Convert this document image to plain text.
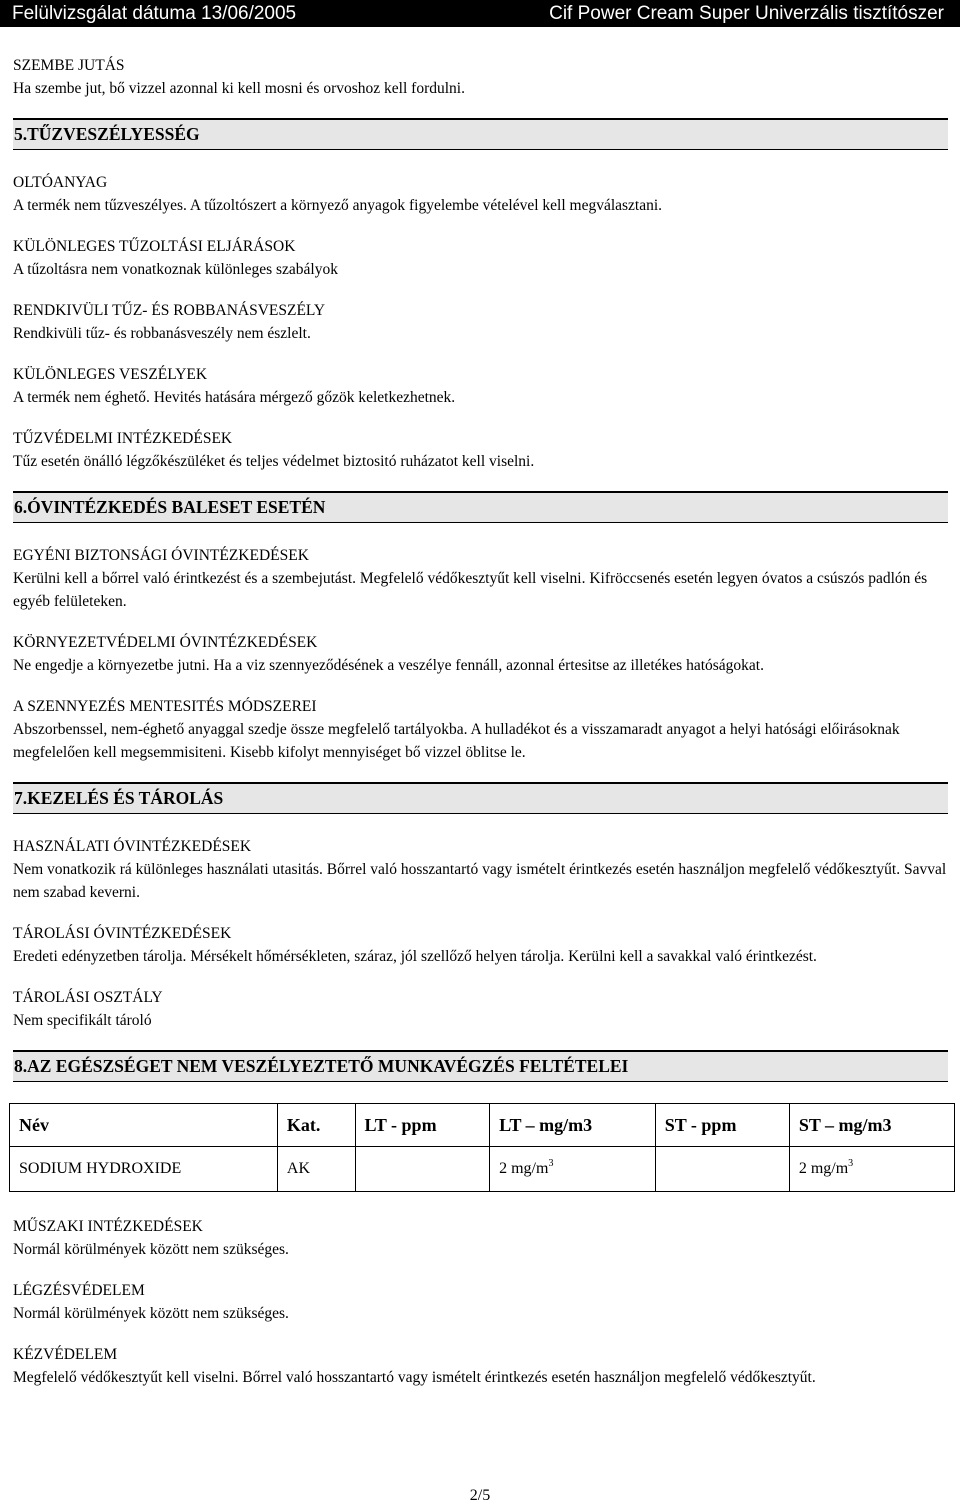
Felülvizsgálat dátuma 13/06/2005	Cif Power Cream Super Univerzális tisztítószer
SZEMBE JUTÁS
Ha szembe jut, bő vizzel azonnal ki kell mosni és orvoshoz kell fordulni.
5.TŰZVESZÉLYESSÉG
OLTÓANYAG
A termék nem tűzveszélyes. A tűzoltószert a környező anyagok figyelembe vételével kell megválasztani.
KÜLÖNLEGES TŰZOLTÁSI ELJÁRÁSOK
A tűzoltásra nem vonatkoznak különleges szabályok
RENDKIVÜLI TŰZ- ÉS ROBBANÁSVESZÉLY
Rendkivüli tűz- és robbanásveszély nem észlelt.
KÜLÖNLEGES VESZÉLYEK
A termék nem éghető. Hevités hatására mérgező gőzök keletkezhetnek.
TŰZVÉDELMI INTÉZKEDÉSEK
Tűz esetén önálló légzőkészüléket és teljes védelmet biztositó ruházatot kell viselni.
6.ÓVINTÉZKEDÉS BALESET ESETÉN
EGYÉNI BIZTONSÁGI ÓVINTÉZKEDÉSEK
Kerülni kell a bőrrel való érintkezést és a szembejutást. Megfelelő védőkesztyűt kell viselni. Kifröccsenés esetén legyen óvatos a csúszós padlón és egyéb felületeken.
KÖRNYEZETVÉDELMI ÓVINTÉZKEDÉSEK
Ne engedje a környezetbe jutni. Ha a viz szennyeződésének a veszélye fennáll, azonnal értesitse az illetékes hatóságokat.
A SZENNYEZÉS MENTESITÉS MÓDSZEREI
Abszorbenssel, nem-éghető anyaggal szedje össze megfelelő tartályokba. A hulladékot és a visszamaradt anyagot a helyi hatósági előirásoknak megfelelően kell megsemmisiteni. Kisebb kifolyt mennyiséget bő vizzel öblitse le.
7.KEZELÉS ÉS TÁROLÁS
HASZNÁLATI ÓVINTÉZKEDÉSEK
Nem vonatkozik rá különleges használati utasitás. Bőrrel való hosszantartó vagy ismételt érintkezés esetén használjon megfelelő védőkesztyűt. Savval nem szabad keverni.
TÁROLÁSI ÓVINTÉZKEDÉSEK
Eredeti edényzetben tárolja. Mérsékelt hőmérsékleten, száraz, jól szellőző helyen tárolja. Kerülni kell a savakkal való érintkezést.
TÁROLÁSI OSZTÁLY
Nem specifikált tároló
8.AZ EGÉSZSÉGET NEM VESZÉLYEZTETŐ MUNKAVÉGZÉS FELTÉTELEI
Név	Kat.	LT - ppm	LT – mg/m3	ST - ppm	ST – mg/m3
SODIUM HYDROXIDE	AK		2 $mg/m^3$		2 $mg/m^3$
MŰSZAKI INTÉZKEDÉSEK
Normál körülmények között nem szükséges.
LÉGZÉSVÉDELEM
Normál körülmények között nem szükséges.
KÉZVÉDELEM
Megfelelő védőkesztyűt kell viselni. Bőrrel való hosszantartó vagy ismételt érintkezés esetén használjon megfelelő védőkesztyűt.
2/5
